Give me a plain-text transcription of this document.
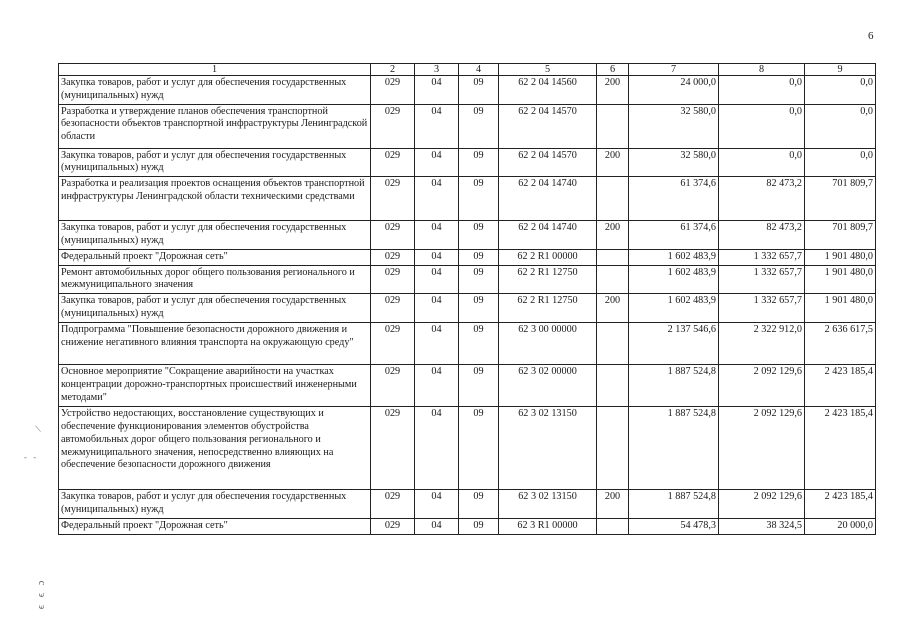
6
1	2	3	4	5	6	7	8	9
Закупка товаров, работ и услуг для обеспечения государственных (муниципальных) нужд	029	04	09	62 2 04 14560	200	24 000,0	0,0	0,0
Разработка и утверждение планов обеспечения транспортной безопасности объектов транспортной инфраструктуры Ленинградской области	029	04	09	62 2 04 14570		32 580,0	0,0	0,0
Закупка товаров, работ и услуг для обеспечения государственных (муниципальных) нужд	029	04	09	62 2 04 14570	200	32 580,0	0,0	0,0
Разработка и реализация проектов оснащения объектов транспортной инфраструктуры Ленинградской области техническими средствами	029	04	09	62 2 04 14740		61 374,6	82 473,2	701 809,7
Закупка товаров, работ и услуг для обеспечения государственных (муниципальных) нужд	029	04	09	62 2 04 14740	200	61 374,6	82 473,2	701 809,7
Федеральный проект "Дорожная сеть"	029	04	09	62 2 R1 00000		1 602 483,9	1 332 657,7	1 901 480,0
Ремонт автомобильных дорог общего пользования регионального и межмуниципального значения	029	04	09	62 2 R1 12750		1 602 483,9	1 332 657,7	1 901 480,0
Закупка товаров, работ и услуг для обеспечения государственных (муниципальных) нужд	029	04	09	62 2 R1 12750	200	1 602 483,9	1 332 657,7	1 901 480,0
Подпрограмма "Повышение безопасности дорожного движения и снижение негативного влияния транспорта на окружающую среду"	029	04	09	62 3 00 00000		2 137 546,6	2 322 912,0	2 636 617,5
Основное мероприятие "Сокращение аварийности на участках концентрации дорожно-транспортных происшествий инженерными методами"	029	04	09	62 3 02 00000		1 887 524,8	2 092 129,6	2 423 185,4
Устройство недостающих, восстановление существующих и обеспечение функционирования элементов обустройства автомобильных дорог общего пользования регионального и межмуниципального значения, непосредственно влияющих на обеспечение безопасности дорожного движения	029	04	09	62 3 02 13150		1 887 524,8	2 092 129,6	2 423 185,4
Закупка товаров, работ и услуг для обеспечения государственных (муниципальных) нужд	029	04	09	62 3 02 13150	200	1 887 524,8	2 092 129,6	2 423 185,4
Федеральный проект "Дорожная сеть"	029	04	09	62 3 R1 00000		54 478,3	38 324,5	20 000,0
/
- -
с
э
э
